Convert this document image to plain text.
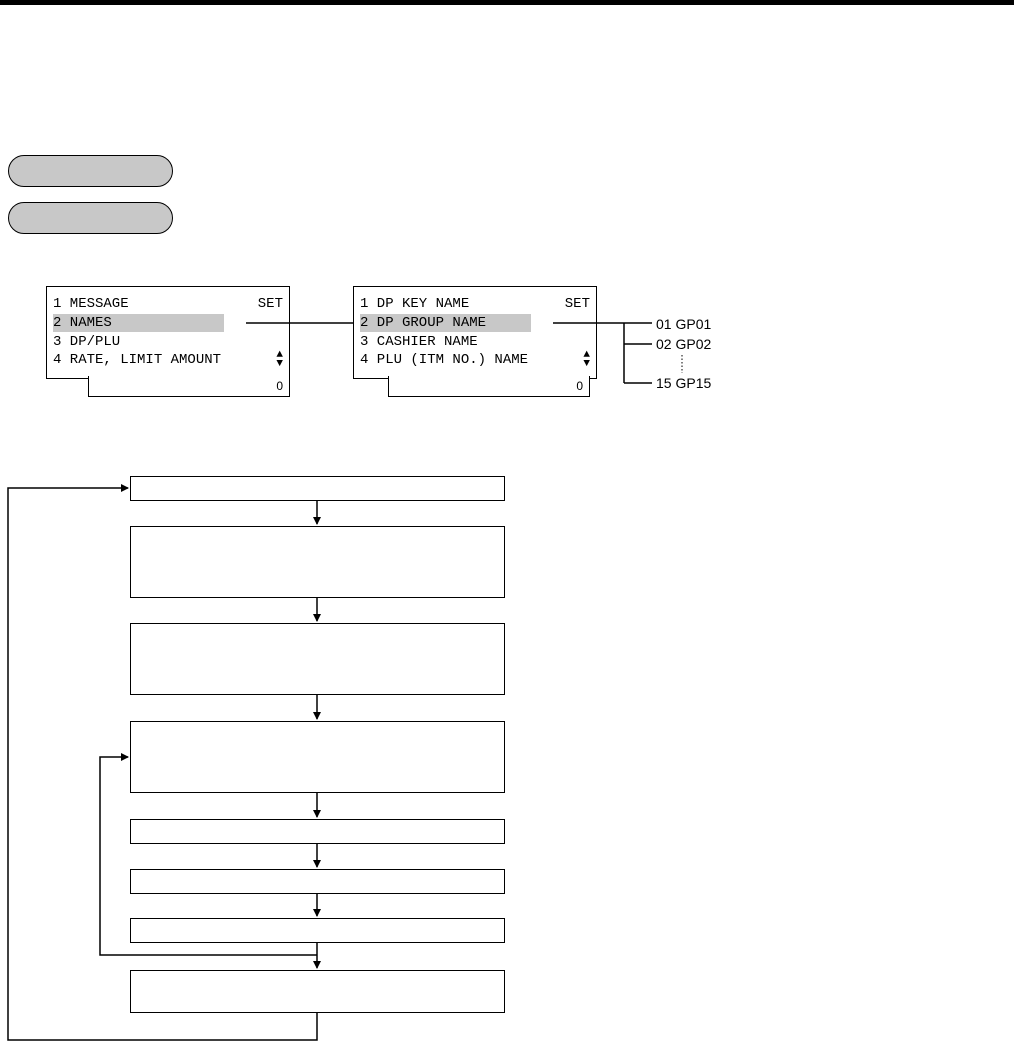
1 MESSAGE
2 NAMES
3 DP/PLU
4 RATE, LIMIT AMOUNT
SET
▲
▼
0
1 DP KEY NAME
2 DP GROUP NAME
3 CASHIER NAME
4 PLU (ITM NO.) NAME
SET
▲
▼
0
01 GP01
02 GP02
15 GP15
